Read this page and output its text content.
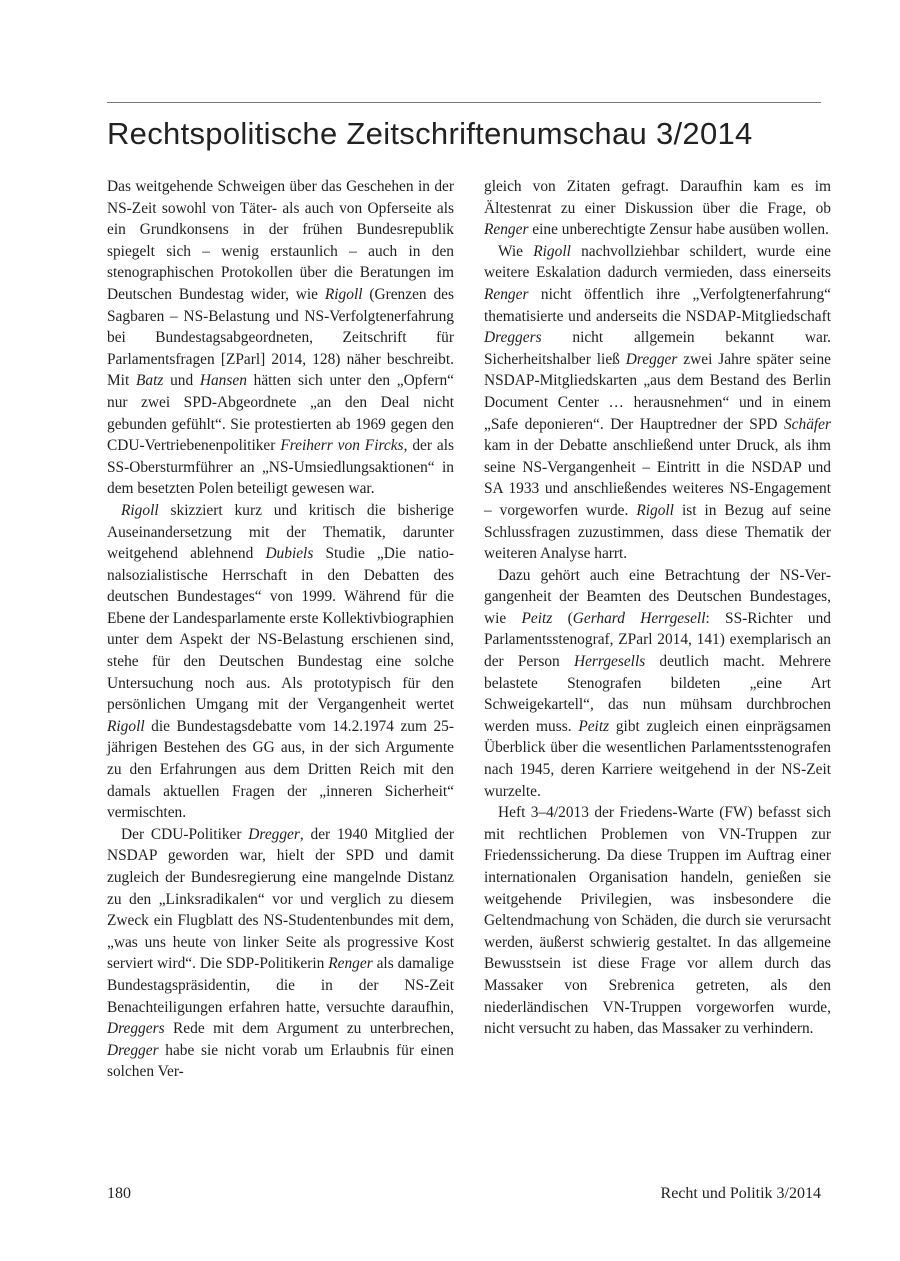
Rechtspolitische Zeitschriftenumschau 3/2014

Das weitgehende Schweigen über das Geschehen in der NS-Zeit sowohl von Täter- als auch von Opferseite als ein Grundkonsens in der frühen Bundesrepublik spiegelt sich – wenig erstaunlich – auch in den stenographischen Protokollen über die Beratungen im Deutschen Bundestag wider, wie Rigoll (Grenzen des Sagbaren – NS-Belastung und NS-Verfolgtenerfahrung bei Bundestagsabgeordneten, Zeitschrift für Parlamentsfragen [ZParl] 2014, 128) näher beschreibt. Mit Batz und Hansen hätten sich unter den „Opfern“ nur zwei SPD-Abgeordnete „an den Deal nicht gebunden gefühlt“. Sie protestierten ab 1969 gegen den CDU-Vertriebenenpolitiker Freiherr von Fircks, der als SS-Obersturmführer an „NS-Umsiedlungsaktionen“ in dem besetzten Polen beteiligt gewesen war.

Rigoll skizziert kurz und kritisch die bisherige Auseinandersetzung mit der Thematik, darunter weitgehend ablehnend Dubiels Studie „Die nationalsozialistische Herrschaft in den Debatten des deutschen Bundestages“ von 1999. Während für die Ebene der Landesparlamente erste Kollektivbiographien unter dem Aspekt der NS-Belastung erschienen sind, stehe für den Deutschen Bundestag eine solche Untersuchung noch aus. Als prototypisch für den persönlichen Umgang mit der Vergangenheit wertet Rigoll die Bundestagsdebatte vom 14.2.1974 zum 25-jährigen Bestehen des GG aus, in der sich Argumente zu den Erfahrungen aus dem Dritten Reich mit den damals aktuellen Fragen der „inneren Sicherheit“ vermischten.

Der CDU-Politiker Dregger, der 1940 Mitglied der NSDAP geworden war, hielt der SPD und damit zugleich der Bundesregierung eine mangelnde Distanz zu den „Linksradikalen“ vor und verglich zu diesem Zweck ein Flugblatt des NS-Studentenbundes mit dem, „was uns heute von linker Seite als progressive Kost serviert wird“. Die SDP-Politikerin Renger als damalige Bundestagspräsidentin, die in der NS-Zeit Benachteiligungen erfahren hatte, versuchte daraufhin, Dreggers Rede mit dem Argument zu unterbrechen, Dregger habe sie nicht vorab um Erlaubnis für einen solchen Ver-

gleich von Zitaten gefragt. Daraufhin kam es im Ältestenrat zu einer Diskussion über die Frage, ob Renger eine unberechtigte Zensur habe ausüben wollen.

Wie Rigoll nachvollziehbar schildert, wurde eine weitere Eskalation dadurch vermieden, dass einerseits Renger nicht öffentlich ihre „Verfolgtenerfahrung“ thematisierte und anderseits die NSDAP-Mitgliedschaft Dreggers nicht allgemein bekannt war. Sicherheitshalber ließ Dregger zwei Jahre später seine NSDAP-Mitgliedskarten „aus dem Bestand des Berlin Document Center … herausnehmen“ und in einem „Safe deponieren“. Der Hauptredner der SPD Schäfer kam in der Debatte anschließend unter Druck, als ihm seine NS-Vergangenheit – Eintritt in die NSDAP und SA 1933 und anschließendes weiteres NS-Engagement – vorgeworfen wurde. Rigoll ist in Bezug auf seine Schlussfragen zuzustimmen, dass diese Thematik der weiteren Analyse harrt.

Dazu gehört auch eine Betrachtung der NS-Vergangenheit der Beamten des Deutschen Bundestages, wie Peitz (Gerhard Herrgesell: SS-Richter und Parlamentsstenograf, ZParl 2014, 141) exemplarisch an der Person Herrgesells deutlich macht. Mehrere belastete Stenografen bildeten „eine Art Schweigekartell“, das nun mühsam durchbrochen werden muss. Peitz gibt zugleich einen einprägsamen Überblick über die wesentlichen Parlamentsstenografen nach 1945, deren Karriere weitgehend in der NS-Zeit wurzelte.

Heft 3–4/2013 der Friedens-Warte (FW) befasst sich mit rechtlichen Problemen von VN-Truppen zur Friedenssicherung. Da diese Truppen im Auftrag einer internationalen Organisation handeln, genießen sie weitgehende Privilegien, was insbesondere die Geltendmachung von Schäden, die durch sie verursacht werden, äußerst schwierig gestaltet. In das allgemeine Bewusstsein ist diese Frage vor allem durch das Massaker von Srebrenica getreten, als den niederländischen VN-Truppen vorgeworfen wurde, nicht versucht zu haben, das Massaker zu verhindern.

180	Recht und Politik 3/2014
